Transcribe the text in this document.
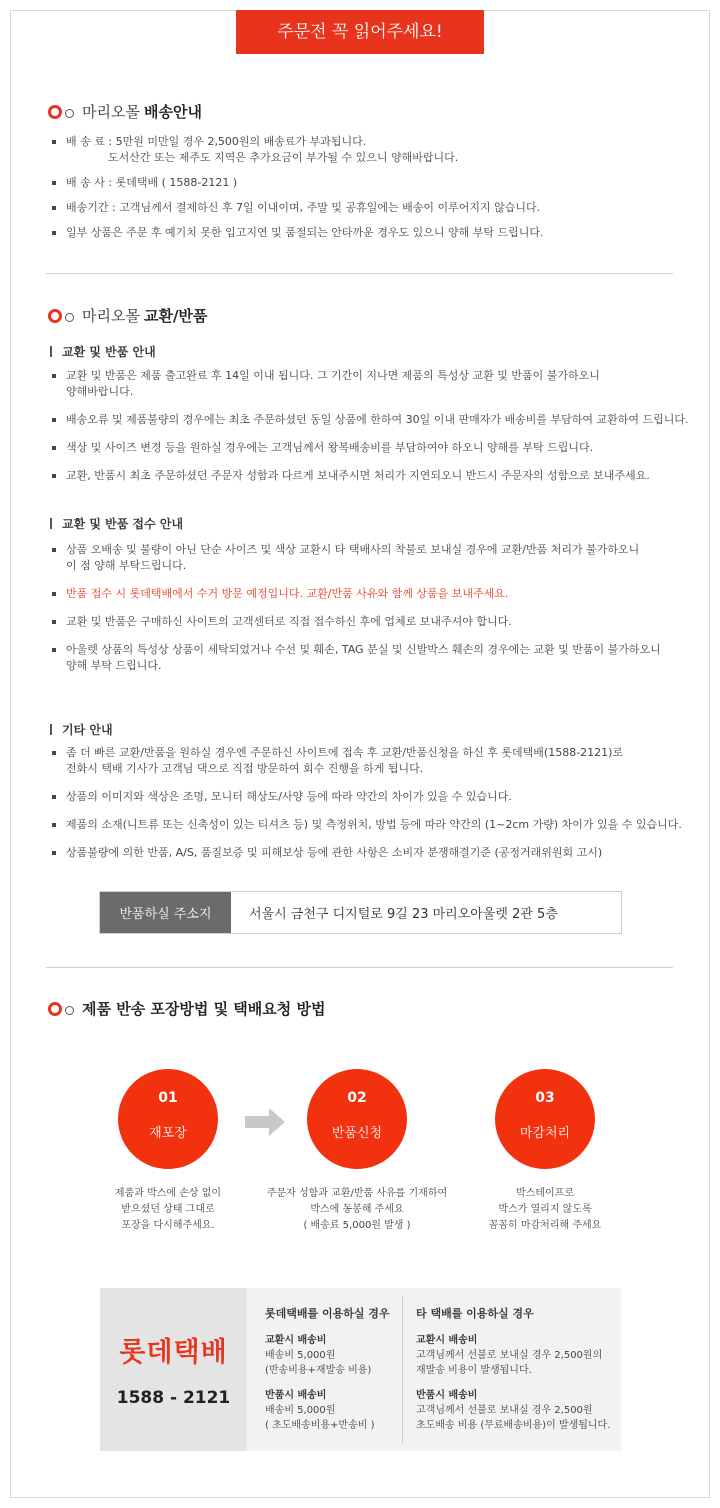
주문전 꼭 읽어주세요!
마리오몰 배송안내
배 송 료 : 5만원 미만일 경우 2,500원의 배송료가 부과됩니다.
도서산간 또는 제주도 지역은 추가요금이 부가될 수 있으니 양해바랍니다.
배 송 사 : 롯데택배 ( 1588-2121 )
배송기간 : 고객님께서 결제하신 후 7일 이내이며, 주말 및 공휴일에는 배송이 이루어지지 않습니다.
일부 상품은 주문 후 예기치 못한 입고지연 및 품절되는 안타까운 경우도 있으니 양해 부탁 드립니다.
마리오몰 교환/반품
교환 및 반품 안내
교환 및 반품은 제품 출고완료 후 14일 이내 됩니다. 그 기간이 지나면 제품의 특성상 교환 및 반품이 불가하오니
양해바랍니다.
배송오류 및 제품불량의 경우에는 최초 주문하셨던 동일 상품에 한하여 30일 이내 판매자가 배송비를 부담하여 교환하여 드립니다.
색상 및 사이즈 변경 등을 원하실 경우에는 고객님께서 왕복배송비를 부담하여야 하오니 양해를 부탁 드립니다.
교환, 반품시 최초 주문하셨던 주문자 성함과 다르게 보내주시면 처리가 지연되오니 반드시 주문자의 성함으로 보내주세요.
교환 및 반품 접수 안내
상품 오배송 및 불량이 아닌 단순 사이즈 및 색상 교환시 타 택배사의 착불로 보내실 경우에 교환/반품 처리가 불가하오니
이 점 양해 부탁드립니다.
반품 접수 시 롯데택배에서 수거 방문 예정입니다. 교환/반품 사유와 함께 상품을 보내주세요.
교환 및 반품은 구매하신 사이트의 고객센터로 직접 접수하신 후에 업체로 보내주셔야 합니다.
아울렛 상품의 특성상 상품이 세탁되었거나 수선 및 훼손, TAG 분실 및 신발박스 훼손의 경우에는 교환 및 반품이 불가하오니
양해 부탁 드립니다.
기타 안내
좀 더 빠른 교환/반품을 원하실 경우엔 주문하신 사이트에 접속 후 교환/반품신청을 하신 후 롯데택배(1588-2121)로
전화시 택배 기사가 고객님 댁으로 직접 방문하여 회수 진행을 하게 됩니다.
상품의 이미지와 색상은 조명, 모니터 해상도/사양 등에 따라 약간의 차이가 있을 수 있습니다.
제품의 소재(니트류 또는 신축성이 있는 티셔츠 등) 및 측정위치, 방법 등에 따라 약간의 (1~2cm 가량) 차이가 있을 수 있습니다.
상품불량에 의한 반품, A/S, 품질보증 및 피해보상 등에 관한 사항은 소비자 분쟁해결기준 (공정거래위원회 고시)
반품하실 주소지	서울시 금천구 디지털로 9길 23 마리오아울렛 2관 5층
제품 반송 포장방법 및 택배요청 방법
01
재포장
02
반품신청
03
마감처리
제품과 박스에 손상 없이
받으셨던 상태 그대로
포장을 다시해주세요.
주문자 성함과 교환/반품 사유를 기재하여
박스에 동봉해 주세요
( 배송료 5,000원 발생 )
박스테이프로
박스가 열리지 않도록
꼼꼼히 마감처리해 주세요
롯데택배
1588 - 2121
롯데택배를 이용하실 경우
교환시 배송비
배송비 5,000원
(반송비용+재발송 비용)
반품시 배송비
배송비 5,000원
( 초도배송비용+반송비 )
타 택배를 이용하실 경우
교환시 배송비
고객님께서 선불로 보내실 경우 2,500원의
재발송 비용이 발생됩니다.
반품시 배송비
고객님께서 선불로 보내실 경우 2,500원
초도배송 비용 (무료배송비용)이 발생됩니다.
